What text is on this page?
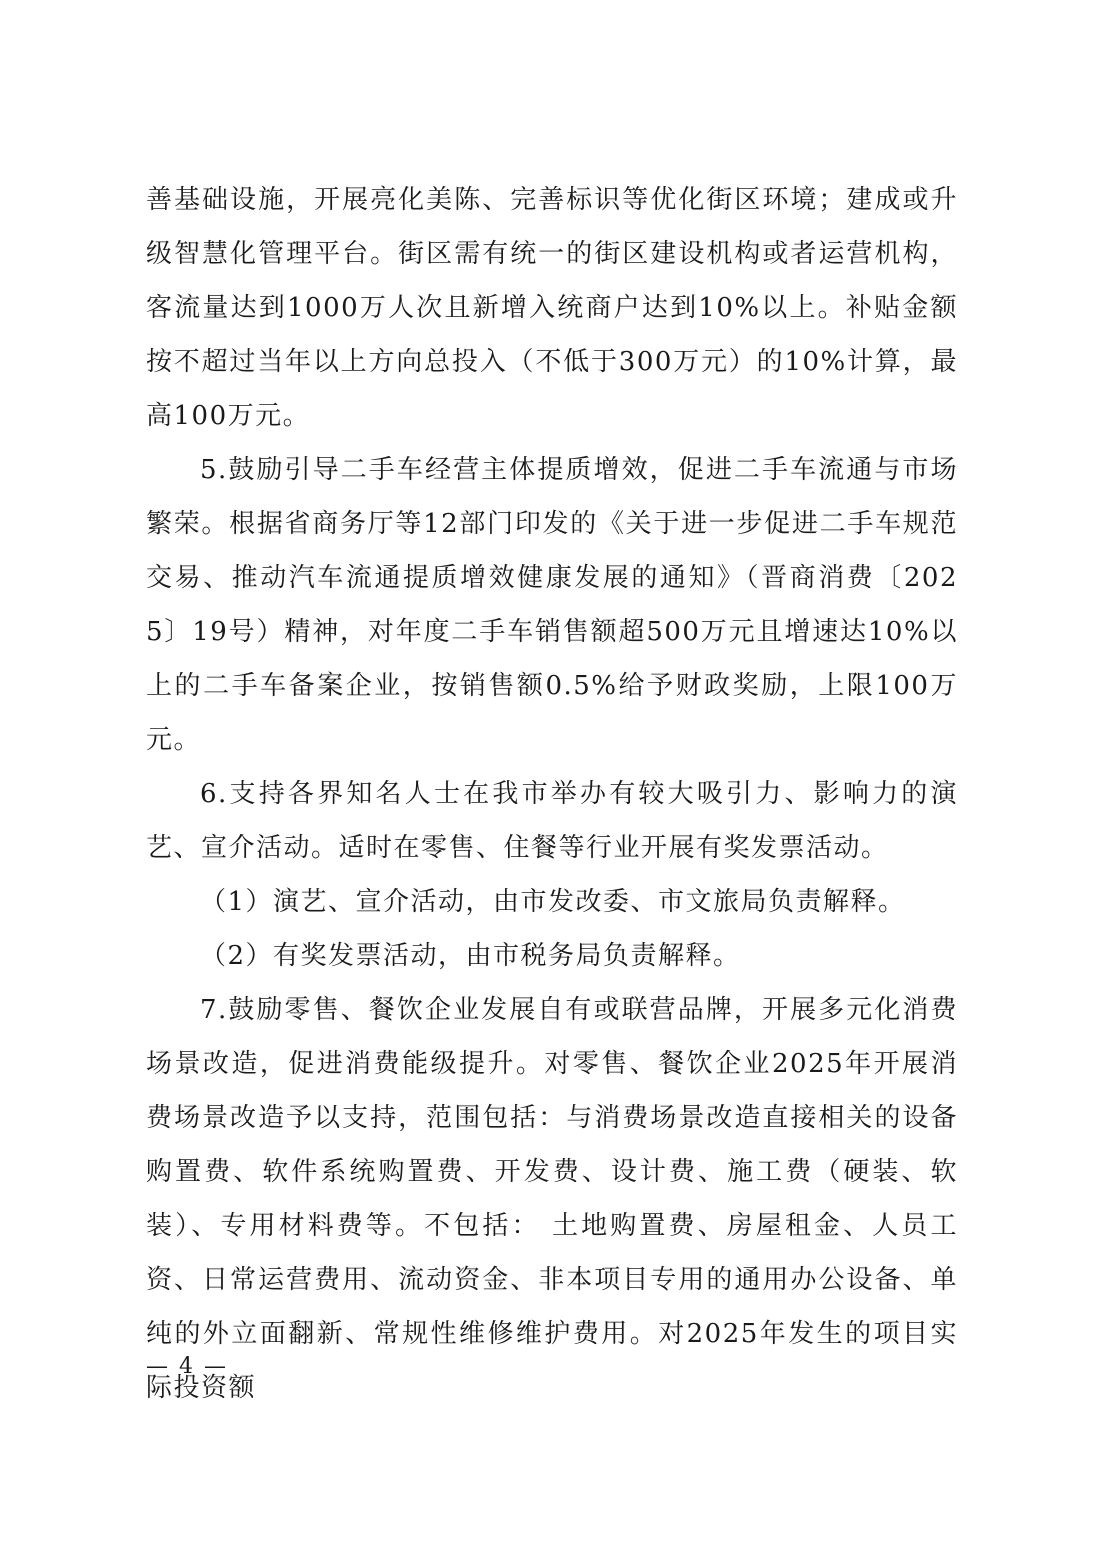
善基础设施，开展亮化美陈、完善标识等优化街区环境；建成或升级智慧化管理平台。街区需有统一的街区建设机构或者运营机构，客流量达到1000万人次且新增入统商户达到10%以上。补贴金额按不超过当年以上方向总投入（不低于300万元）的10%计算，最高100万元。

5.鼓励引导二手车经营主体提质增效，促进二手车流通与市场繁荣。根据省商务厅等12部门印发的《关于进一步促进二手车规范交易、推动汽车流通提质增效健康发展的通知》（晋商消费〔2025〕19号）精神，对年度二手车销售额超500万元且增速达10%以上的二手车备案企业，按销售额0.5%给予财政奖励，上限100万元。

6.支持各界知名人士在我市举办有较大吸引力、影响力的演艺、宣介活动。适时在零售、住餐等行业开展有奖发票活动。

（1）演艺、宣介活动，由市发改委、市文旅局负责解释。

（2）有奖发票活动，由市税务局负责解释。

7.鼓励零售、餐饮企业发展自有或联营品牌，开展多元化消费场景改造，促进消费能级提升。对零售、餐饮企业2025年开展消费场景改造予以支持，范围包括：与消费场景改造直接相关的设备购置费、软件系统购置费、开发费、设计费、施工费（硬装、软装）、专用材料费等。不包括： 土地购置费、房屋租金、人员工资、日常运营费用、流动资金、非本项目专用的通用办公设备、单纯的外立面翻新、常规性维修维护费用。对2025年发生的项目实际投资额

— 4 —
